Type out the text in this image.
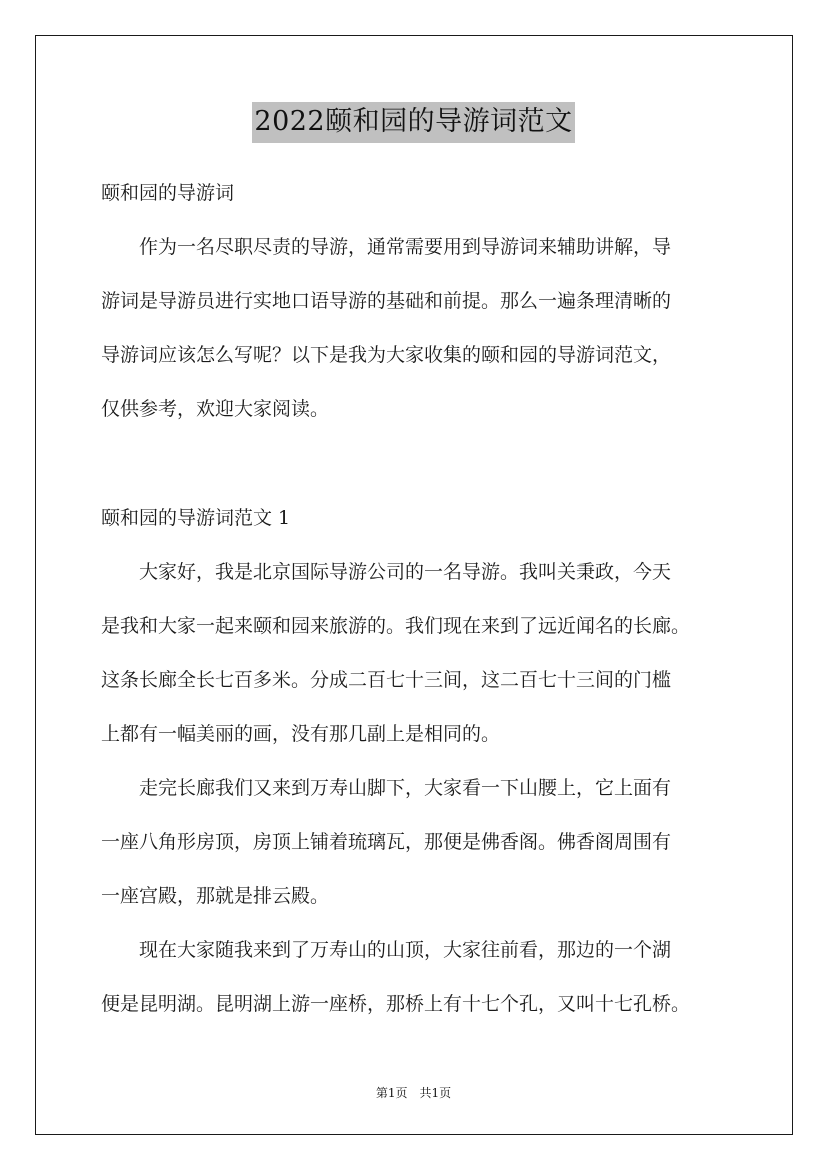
2022颐和园的导游词范文
颐和园的导游词
　　作为一名尽职尽责的导游，通常需要用到导游词来辅助讲解，导
游词是导游员进行实地口语导游的基础和前提。那么一遍条理清晰的
导游词应该怎么写呢？以下是我为大家收集的颐和园的导游词范文，
仅供参考，欢迎大家阅读。
颐和园的导游词范文 1
　　大家好，我是北京国际导游公司的一名导游。我叫关秉政，今天
是我和大家一起来颐和园来旅游的。我们现在来到了远近闻名的长廊。
这条长廊全长七百多米。分成二百七十三间，这二百七十三间的门槛
上都有一幅美丽的画，没有那几副上是相同的。
　　走完长廊我们又来到万寿山脚下，大家看一下山腰上，它上面有
一座八角形房顶，房顶上铺着琉璃瓦，那便是佛香阁。佛香阁周围有
一座宫殿，那就是排云殿。
　　现在大家随我来到了万寿山的山顶，大家往前看，那边的一个湖
便是昆明湖。昆明湖上游一座桥，那桥上有十七个孔，又叫十七孔桥。
第1页　共1页
